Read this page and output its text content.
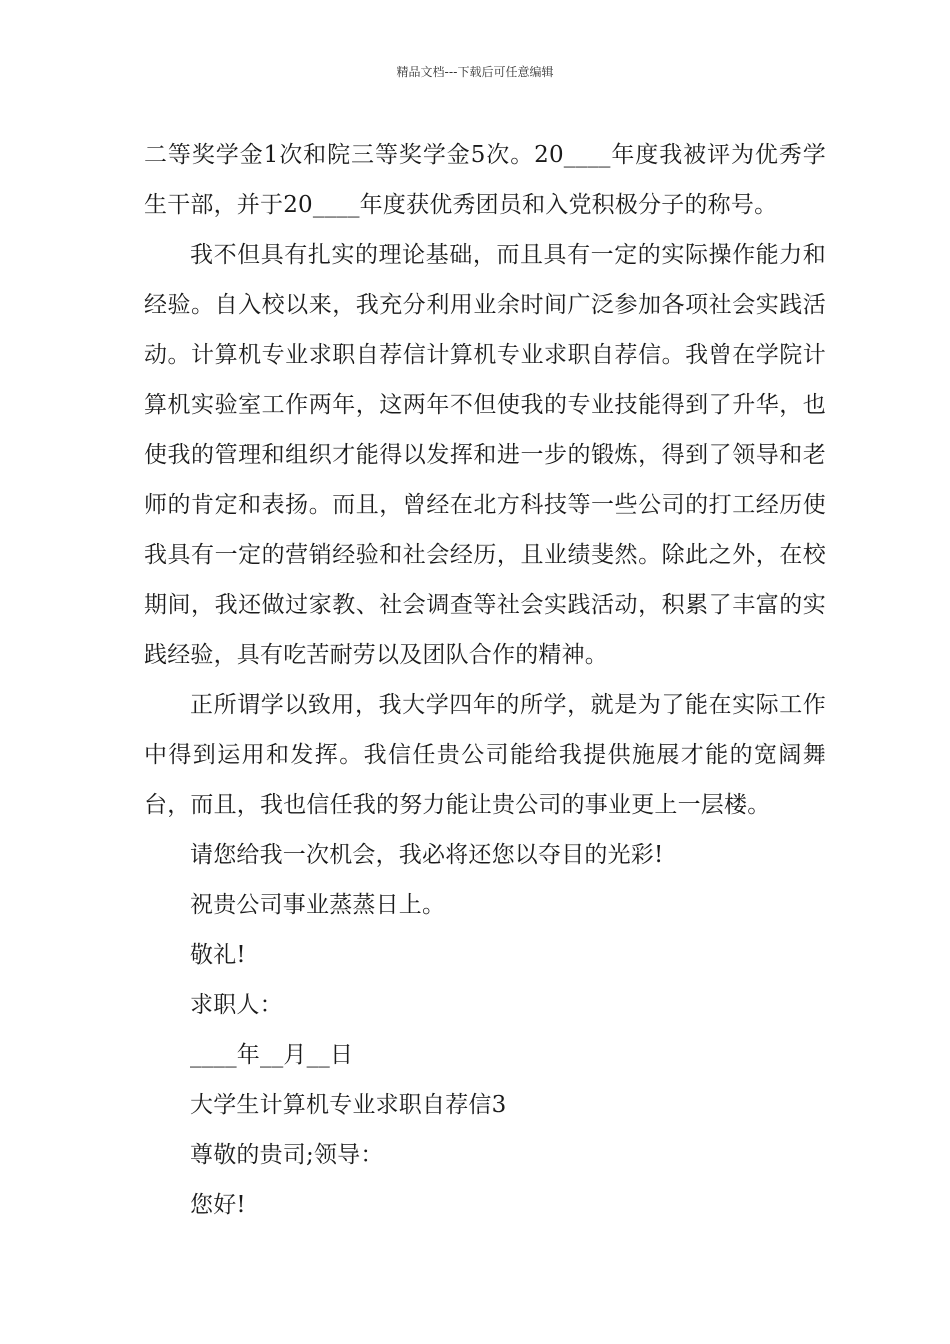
精品文档---下载后可任意编辑

二等奖学金1次和院三等奖学金5次。20____年度我被评为优秀学生干部，并于20____年度获优秀团员和入党积极分子的称号。

我不但具有扎实的理论基础，而且具有一定的实际操作能力和经验。自入校以来，我充分利用业余时间广泛参加各项社会实践活动。计算机专业求职自荐信计算机专业求职自荐信。我曾在学院计算机实验室工作两年，这两年不但使我的专业技能得到了升华，也使我的管理和组织才能得以发挥和进一步的锻炼，得到了领导和老师的肯定和表扬。而且，曾经在北方科技等一些公司的打工经历使我具有一定的营销经验和社会经历，且业绩斐然。除此之外，在校期间，我还做过家教、社会调查等社会实践活动，积累了丰富的实践经验，具有吃苦耐劳以及团队合作的精神。

正所谓学以致用，我大学四年的所学，就是为了能在实际工作中得到运用和发挥。我信任贵公司能给我提供施展才能的宽阔舞台，而且，我也信任我的努力能让贵公司的事业更上一层楼。

请您给我一次机会，我必将还您以夺目的光彩!

祝贵公司事业蒸蒸日上。

敬礼!

求职人：

____年__月__日

大学生计算机专业求职自荐信3

尊敬的贵司;领导：

您好!
